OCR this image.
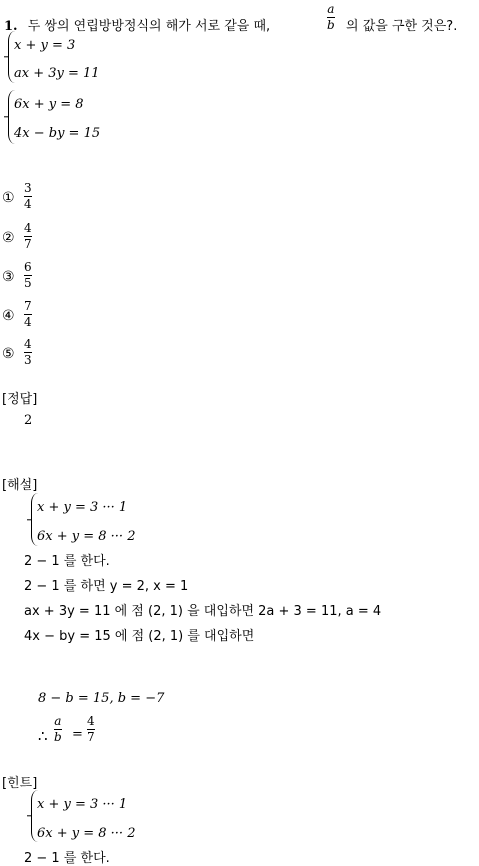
1. 두 쌍의 연립방방정식의 해가 서로 같을 때,
a
b 의 값을 구한 것은?.
x + y = 3
ax + 3y = 11
6x + y = 8
4x − by = 15
①
3
4
②
4
7
③
6
5
④
7
4
⑤
4
3
[정답]
2
[해설]
x + y = 3 ··· 1
6x + y = 8 ··· 2
2 − 1 를 한다.
2 − 1 를 하면 y = 2, x = 1
ax + 3y = 11 에 점 (2, 1) 을 대입하면 2a + 3 = 11, a = 4
4x − by = 15 에 점 (2, 1) 를 대입하면
8 − b = 15, b = −7
∴
a
b =
4
7
[힌트]
x + y = 3 ··· 1
6x + y = 8 ··· 2
2 − 1 를 한다.
